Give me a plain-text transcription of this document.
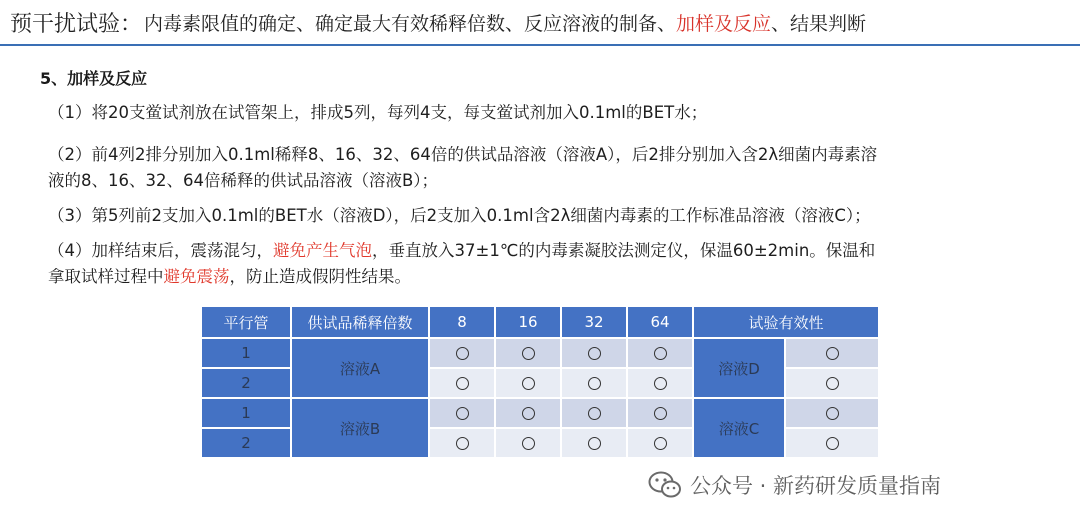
预干扰试验： 内毒素限值的确定、确定最大有效稀释倍数、反应溶液的制备、加样及反应、结果判断
5、加样及反应
（1）将20支鲎试剂放在试管架上，排成5列，每列4支，每支鲎试剂加入0.1ml的BET水；
（2）前4列2排分别加入0.1ml稀释8、16、32、64倍的供试品溶液（溶液A），后2排分别加入含2λ细菌内毒素溶
液的8、16、32、64倍稀释的供试品溶液（溶液B）；
（3）第5列前2支加入0.1ml的BET水（溶液D），后2支加入0.1ml含2λ细菌内毒素的工作标准品溶液（溶液C）；
（4）加样结束后，震荡混匀，避免产生气泡，垂直放入37±1℃的内毒素凝胶法测定仪，保温60±2min。保温和
拿取试样过程中避免震荡，防止造成假阴性结果。
平行管	供试品稀释倍数	8	16	32	64	试验有效性	
1	溶液A					溶液D	
2							
1	溶液B					溶液C	
2							
公众号 · 新药研发质量指南
